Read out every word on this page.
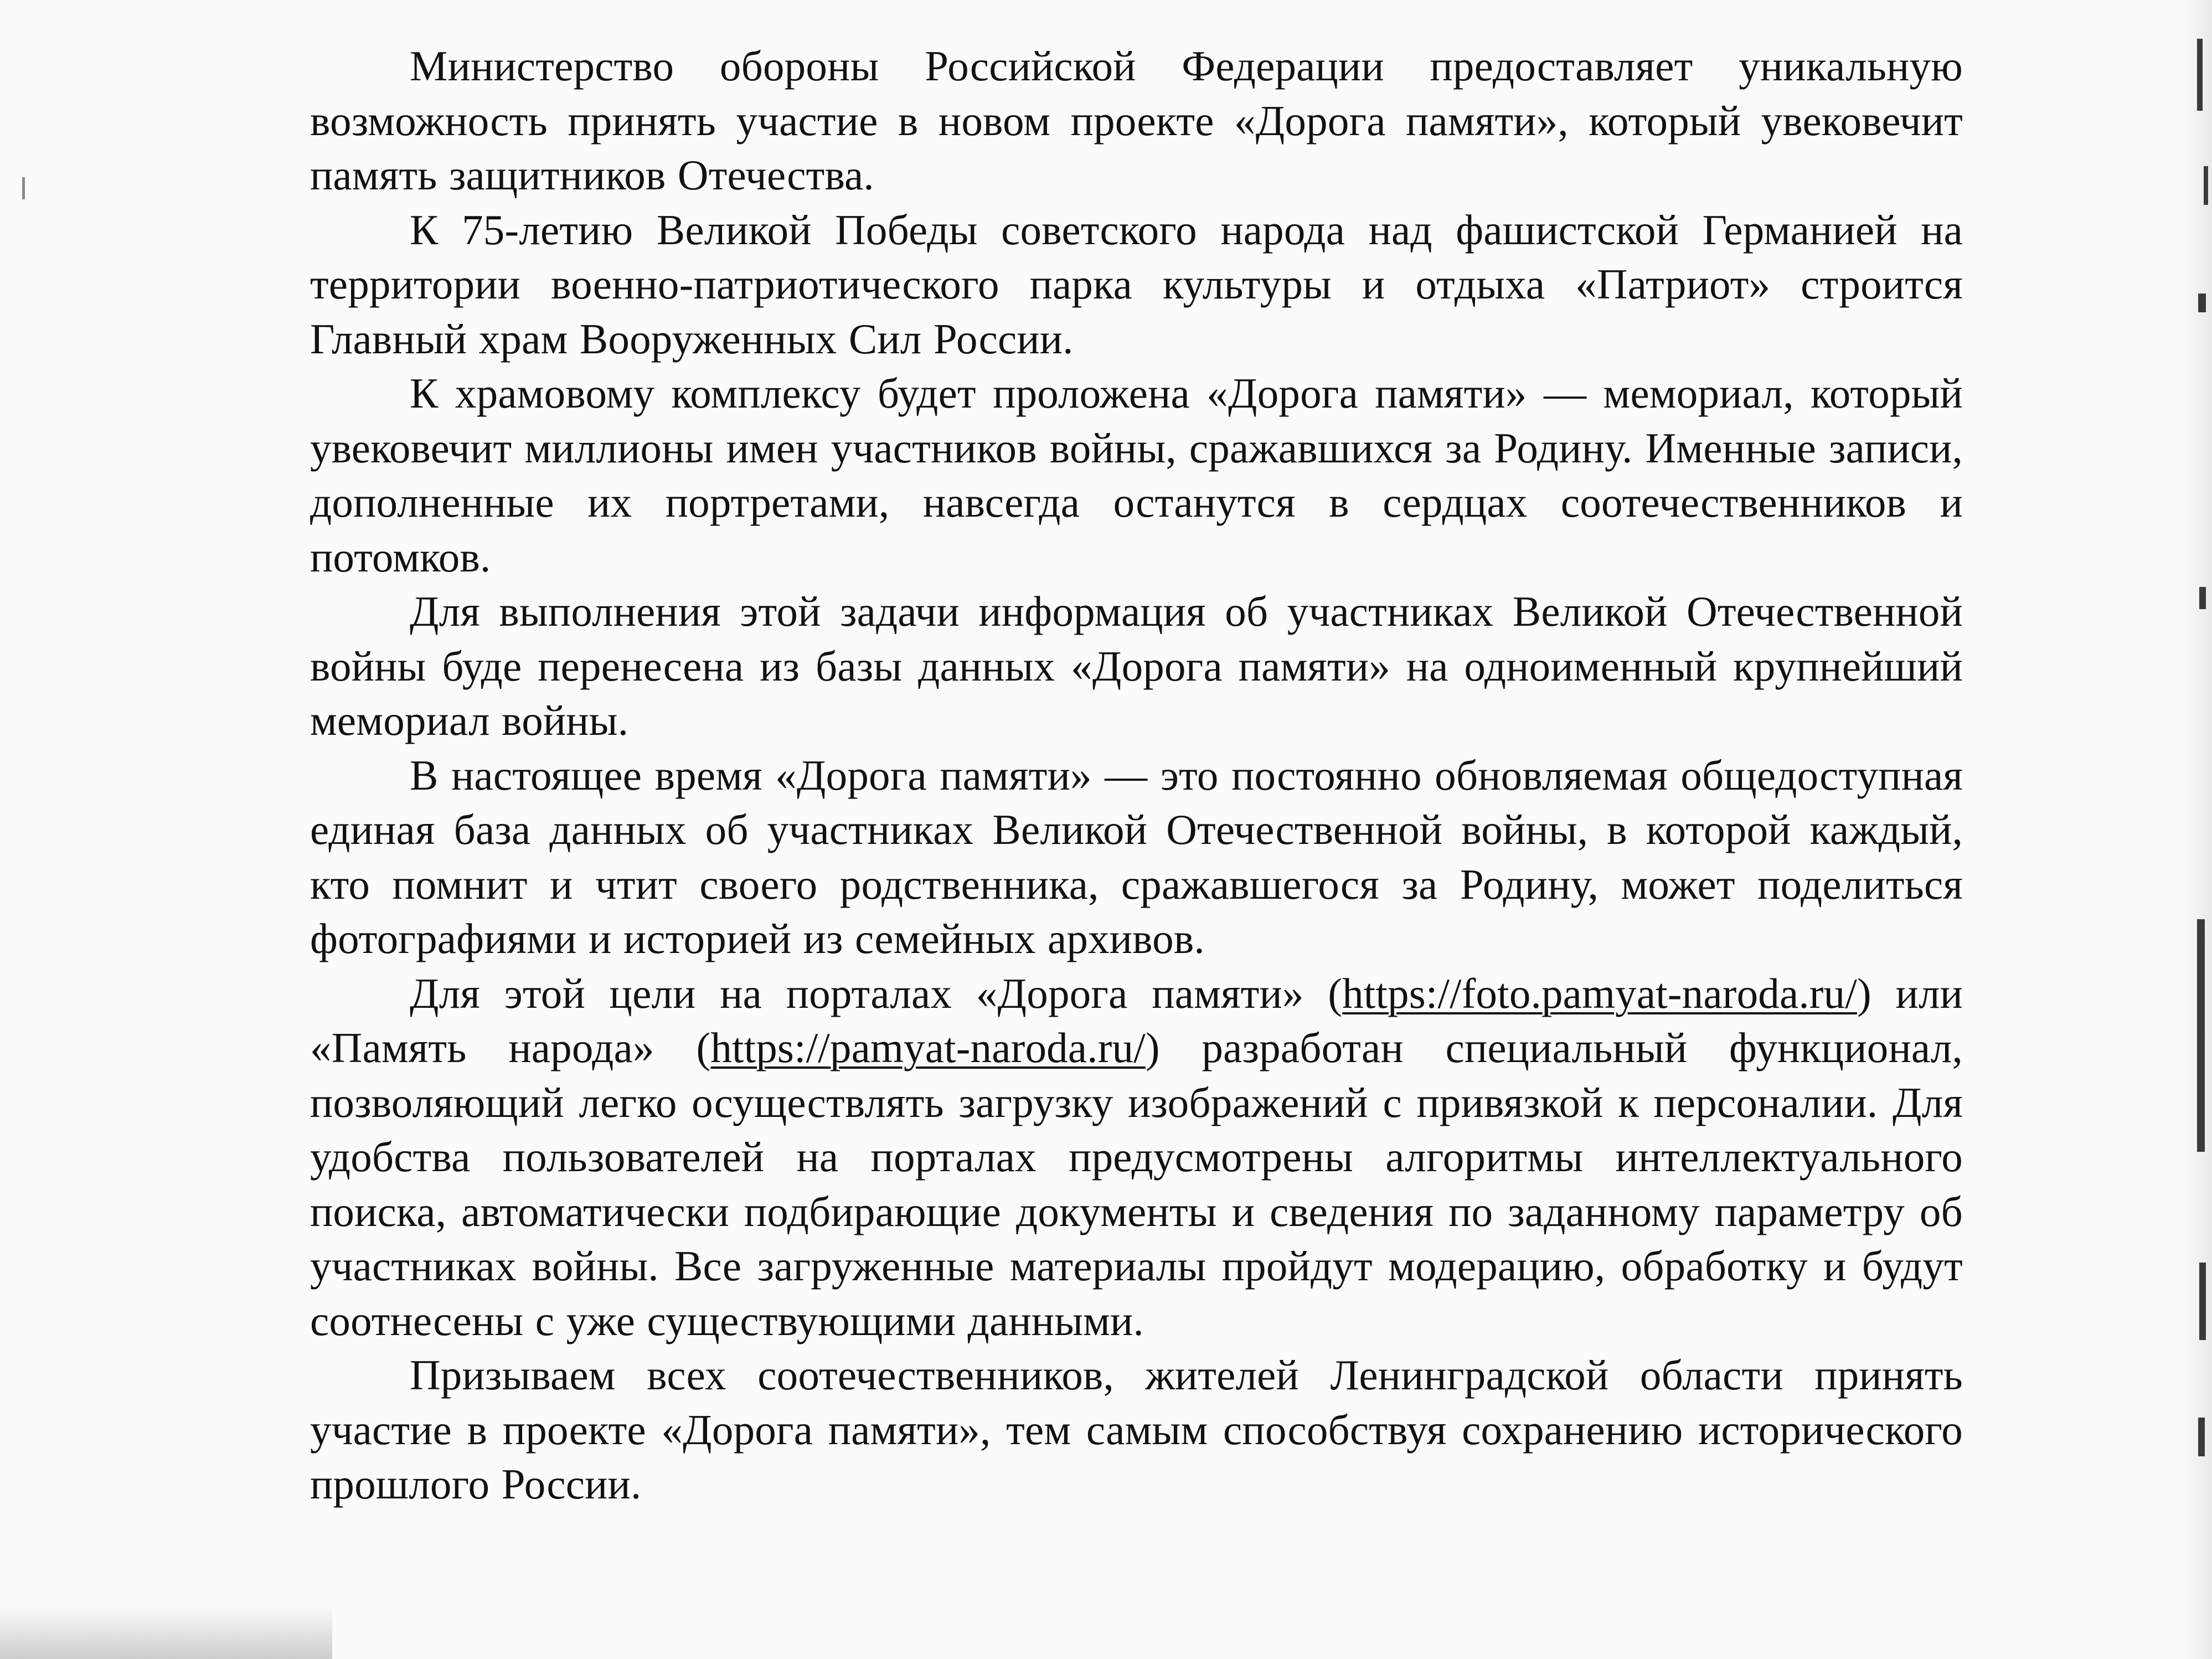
Министерство обороны Российской Федерации предоставляет уникальную возможность принять участие в новом проекте «Дорога памяти», который увековечит память защитников Отечества.

К 75-летию Великой Победы советского народа над фашистской Германией на территории военно-патриотического парка культуры и отдыха «Патриот» строится Главный храм Вооруженных Сил России.

К храмовому комплексу будет проложена «Дорога памяти» — мемориал, который увековечит миллионы имен участников войны, сражавшихся за Родину. Именные записи, дополненные их портретами, навсегда останутся в сердцах соотечественников и потомков.

Для выполнения этой задачи информация об участниках Великой Отечественной войны буде перенесена из базы данных «Дорога памяти» на одноименный крупнейший мемориал войны.

В настоящее время «Дорога памяти» — это постоянно обновляемая общедоступная единая база данных об участниках Великой Отечественной войны, в которой каждый, кто помнит и чтит своего родственника, сражавшегося за Родину, может поделиться фотографиями и историей из семейных архивов.

Для этой цели на порталах «Дорога памяти» (https://foto.pamyat-naroda.ru/) или «Память народа» (https://pamyat-naroda.ru/) разработан специальный функционал, позволяющий легко осуществлять загрузку изображений с привязкой к персоналии. Для удобства пользователей на порталах предусмотрены алгоритмы интеллектуального поиска, автоматически подбирающие документы и сведения по заданному параметру об участниках войны. Все загруженные материалы пройдут модерацию, обработку и будут соотнесены с уже существующими данными.

Призываем всех соотечественников, жителей Ленинградской области принять участие в проекте «Дорога памяти», тем самым способствуя сохранению исторического прошлого России.
